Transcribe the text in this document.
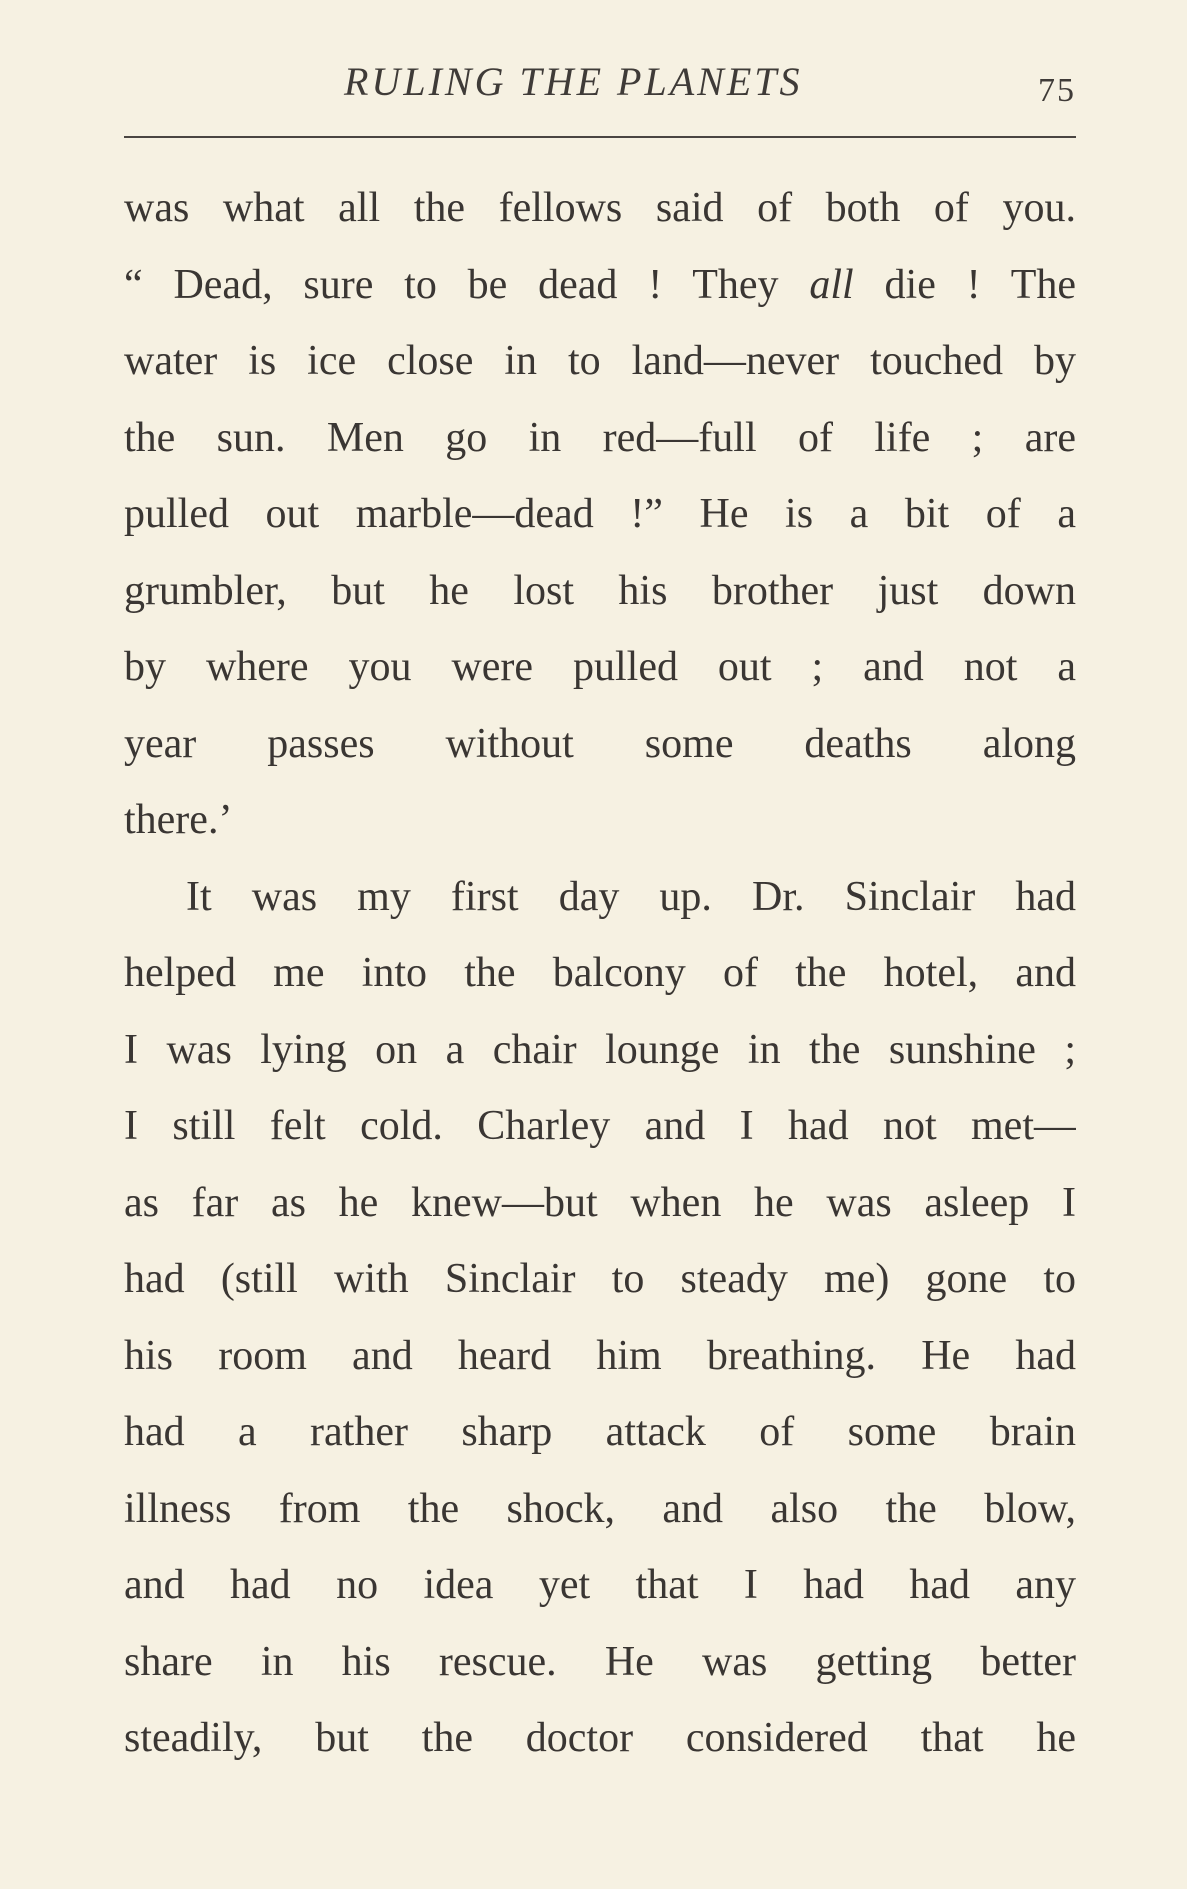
RULING THE PLANETS	75
was what all the fellows said of both of you.
“ Dead, sure to be dead ! They all die ! The
water is ice close in to land—never touched by
the sun. Men go in red—full of life ; are
pulled out marble—dead !” He is a bit of a
grumbler, but he lost his brother just down
by where you were pulled out ; and not a
year passes without some deaths along
there.’
It was my first day up. Dr. Sinclair had
helped me into the balcony of the hotel, and
I was lying on a chair lounge in the sunshine ;
I still felt cold. Charley and I had not met—
as far as he knew—but when he was asleep I
had (still with Sinclair to steady me) gone to
his room and heard him breathing. He had
had a rather sharp attack of some brain
illness from the shock, and also the blow,
and had no idea yet that I had had any
share in his rescue. He was getting better
steadily, but the doctor considered that he
